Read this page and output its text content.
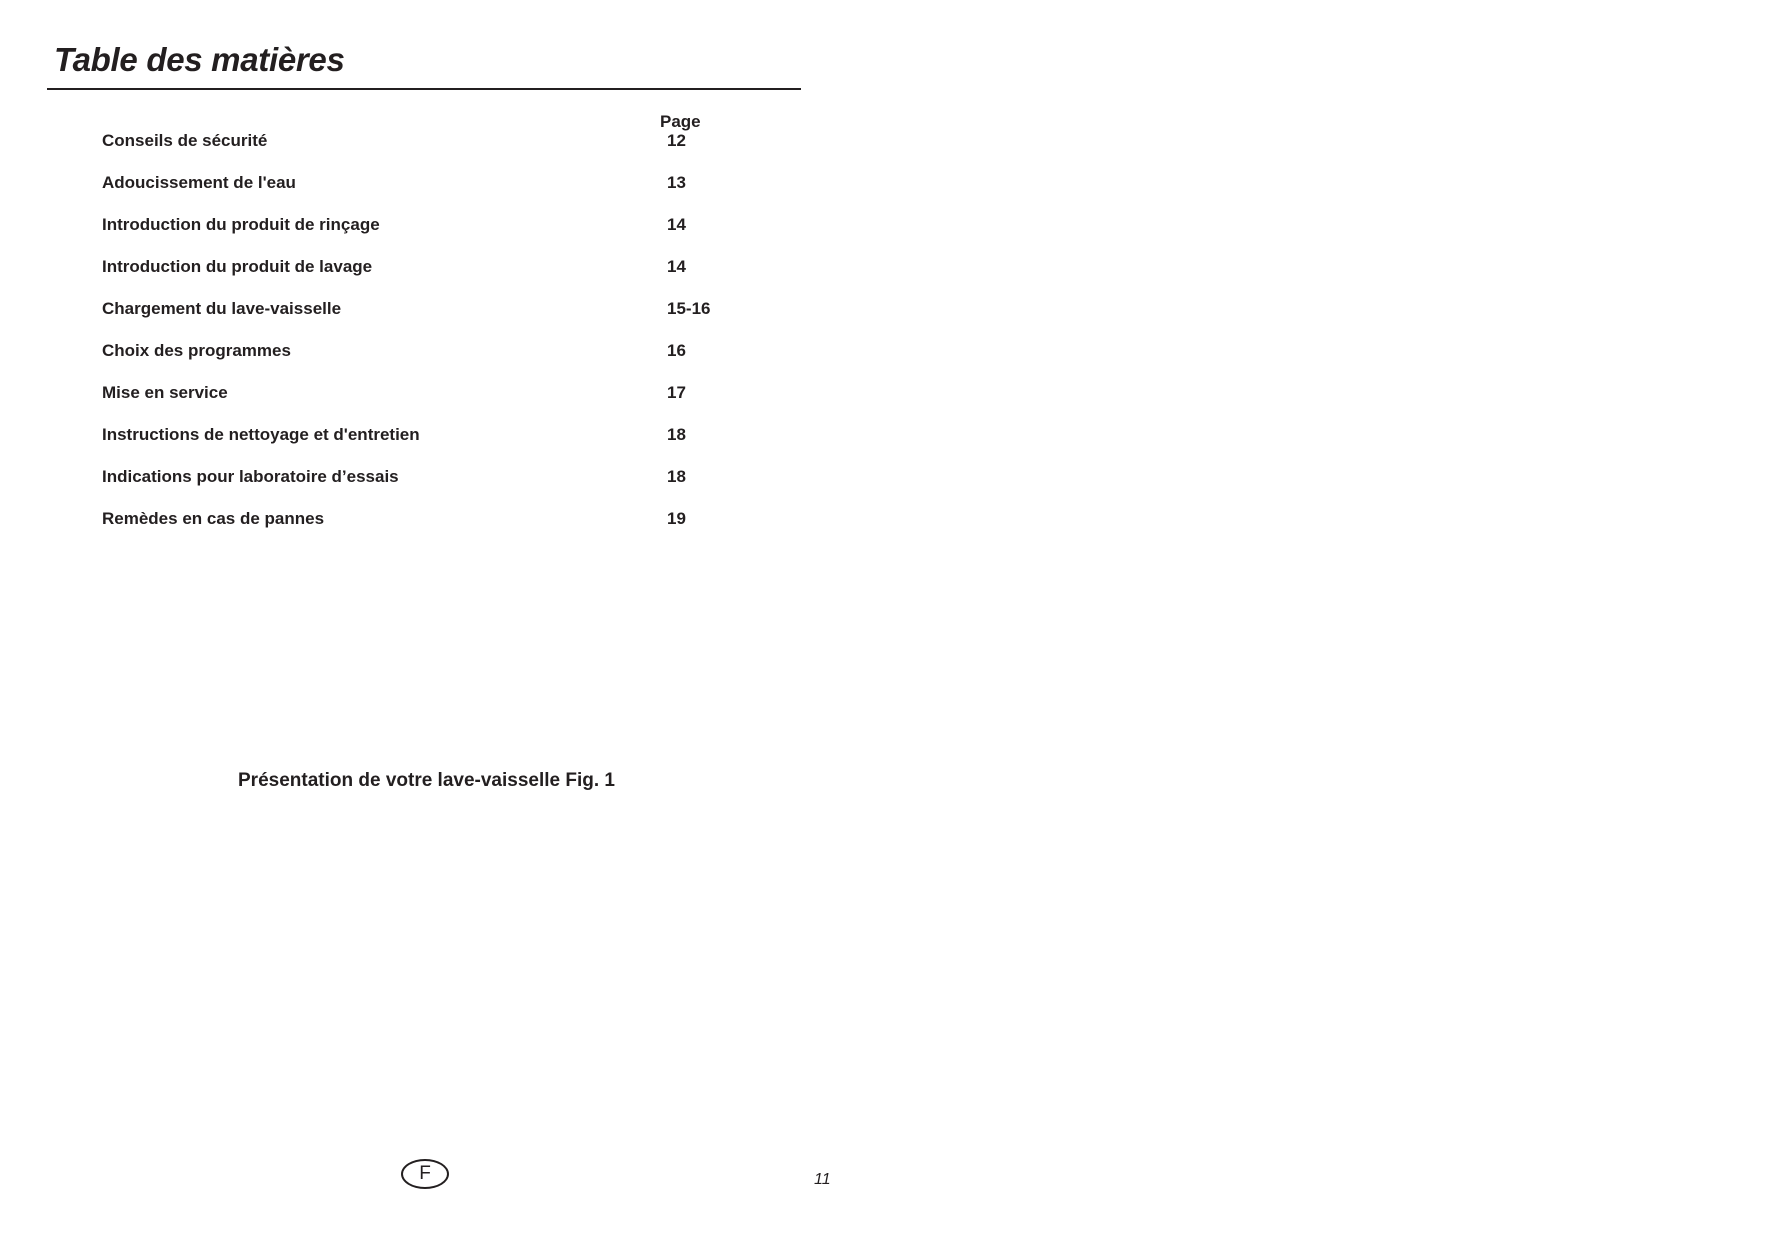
Table des matières
Page
Conseils de sécurité	12
Adoucissement de l'eau	13
Introduction du produit de rinçage	14
Introduction du produit de lavage	14
Chargement du lave-vaisselle	15-16
Choix des programmes	16
Mise en service	17
Instructions de nettoyage et d'entretien	18
Indications pour laboratoire d’essais	18
Remèdes en cas de pannes	19
Présentation de votre lave-vaisselle Fig. 1
F	11
